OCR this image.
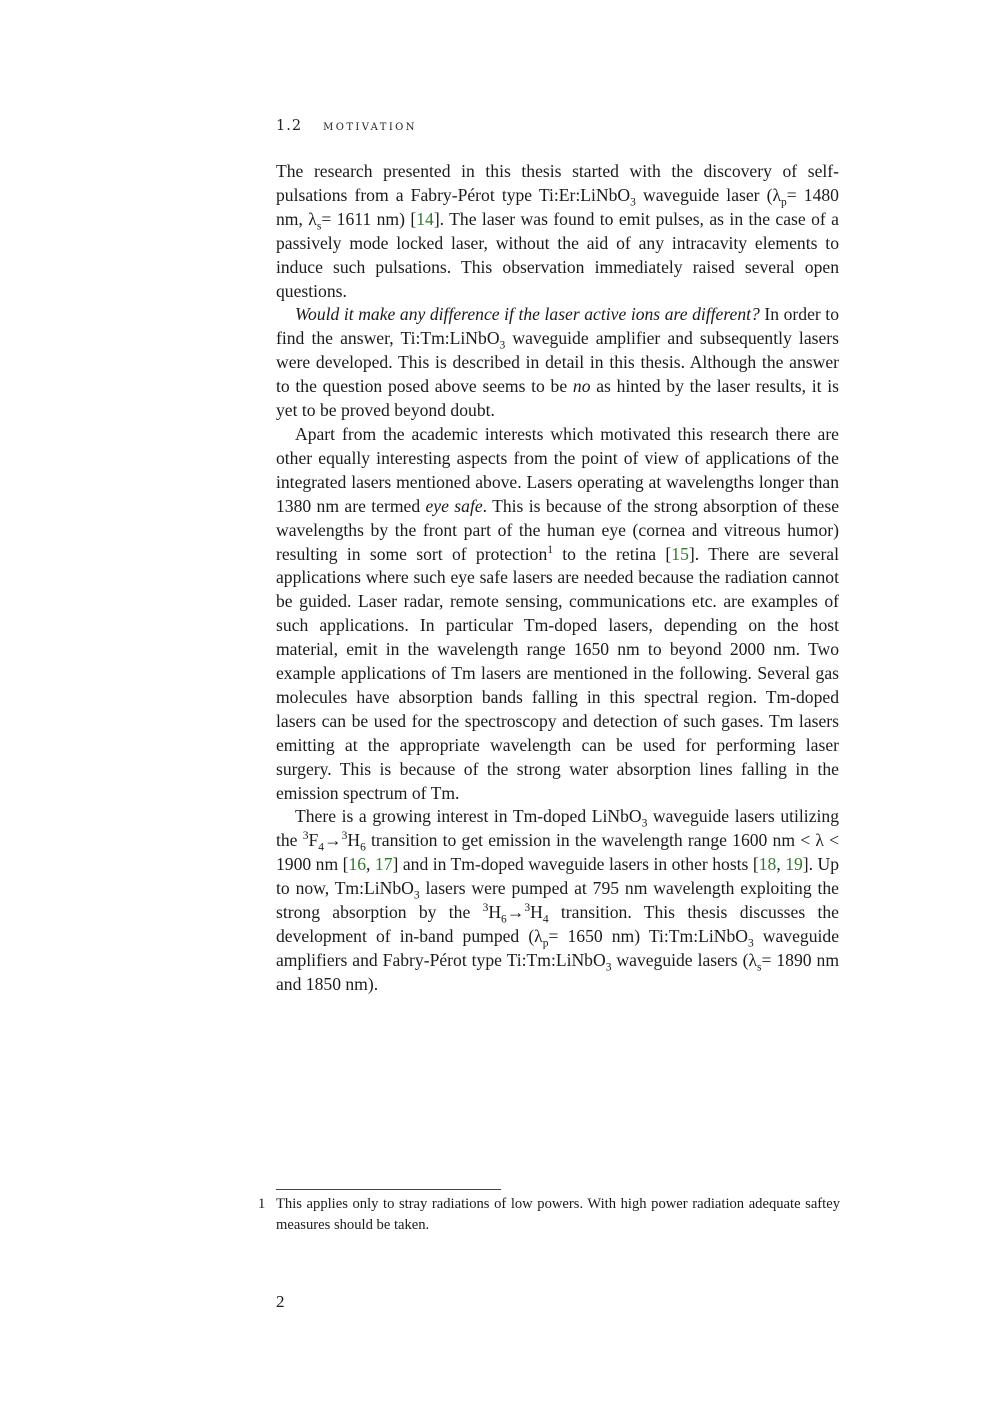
1.2 motivation

The research presented in this thesis started with the discovery of self-pulsations from a Fabry-Pérot type Ti:Er:LiNbO$_3$ waveguide laser ($\lambda_p= 1480$ nm, $\lambda_s= 1611$ nm) [14]. The laser was found to emit pulses, as in the case of a passively mode locked laser, without the aid of any intracavity elements to induce such pulsations. This observation immediately raised several open questions.

Would it make any difference if the laser active ions are different? In order to find the answer, Ti:Tm:LiNbO$_3$ waveguide amplifier and subsequently lasers were developed. This is described in detail in this thesis. Although the answer to the question posed above seems to be no as hinted by the laser results, it is yet to be proved beyond doubt.

Apart from the academic interests which motivated this research there are other equally interesting aspects from the point of view of applications of the integrated lasers mentioned above. Lasers operating at wavelengths longer than 1380 nm are termed eye safe. This is because of the strong absorption of these wavelengths by the front part of the human eye (cornea and vitreous humor) resulting in some sort of protection$^1$ to the retina [15]. There are several applications where such eye safe lasers are needed because the radiation cannot be guided. Laser radar, remote sensing, communications etc. are examples of such applications. In particular Tm-doped lasers, depending on the host material, emit in the wavelength range 1650 nm to beyond 2000 nm. Two example applications of Tm lasers are mentioned in the following. Several gas molecules have absorption bands falling in this spectral region. Tm-doped lasers can be used for the spectroscopy and detection of such gases. Tm lasers emitting at the appropriate wavelength can be used for performing laser surgery. This is because of the strong water absorption lines falling in the emission spectrum of Tm.

There is a growing interest in Tm-doped LiNbO$_3$ waveguide lasers utilizing the $^3F_4\to^3H_6$ transition to get emission in the wavelength range 1600 nm < λ < 1900 nm [16, 17] and in Tm-doped waveguide lasers in other hosts [18, 19]. Up to now, Tm:LiNbO$_3$ lasers were pumped at 795 nm wavelength exploiting the strong absorption by the $^3H_6\to^3H_4$ transition. This thesis discusses the development of in-band pumped ($\lambda_p= 1650$ nm) Ti:Tm:LiNbO$_3$ waveguide amplifiers and Fabry-Pérot type Ti:Tm:LiNbO$_3$ waveguide lasers ($\lambda_s= 1890$ nm and 1850 nm).

1 This applies only to stray radiations of low powers. With high power radiation adequate saftey measures should be taken.
2
